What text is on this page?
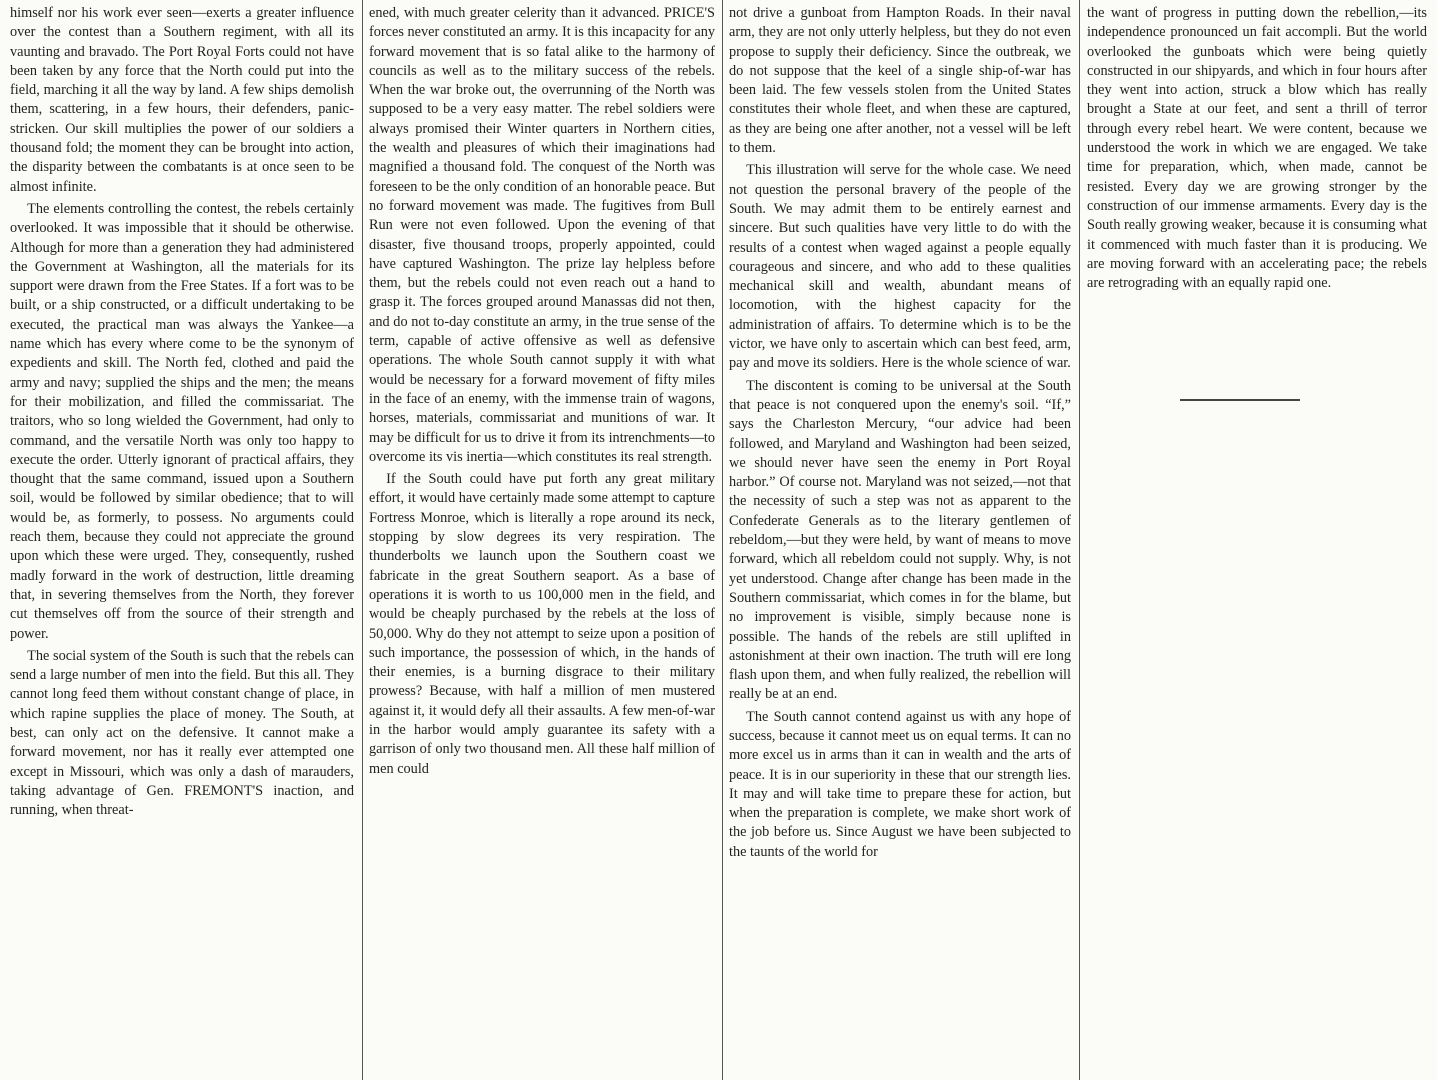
himself nor his work ever seen—exerts a greater influence over the contest than a Southern regiment, with all its vaunting and bravado. The Port Royal Forts could not have been taken by any force that the North could put into the field, marching it all the way by land. A few ships demolish them, scattering, in a few hours, their defenders, panic-stricken. Our skill multiplies the power of our soldiers a thousand fold; the moment they can be brought into action, the disparity between the combatants is at once seen to be almost infinite.

The elements controlling the contest, the rebels certainly overlooked. It was impossible that it should be otherwise. Although for more than a generation they had administered the Government at Washington, all the materials for its support were drawn from the Free States. If a fort was to be built, or a ship constructed, or a difficult undertaking to be executed, the practical man was always the Yankee—a name which has every where come to be the synonym of expedients and skill. The North fed, clothed and paid the army and navy; supplied the ships and the men; the means for their mobilization, and filled the commissariat. The traitors, who so long wielded the Government, had only to command, and the versatile North was only too happy to execute the order. Utterly ignorant of practical affairs, they thought that the same command, issued upon a Southern soil, would be followed by similar obedience; that to will would be, as formerly, to possess. No arguments could reach them, because they could not appreciate the ground upon which these were urged. They, consequently, rushed madly forward in the work of destruction, little dreaming that, in severing themselves from the North, they forever cut themselves off from the source of their strength and power.

The social system of the South is such that the rebels can send a large number of men into the field. But this all. They cannot long feed them without constant change of place, in which rapine supplies the place of money. The South, at best, can only act on the defensive. It cannot make a forward movement, nor has it really ever attempted one except in Missouri, which was only a dash of marauders, taking advantage of Gen. FREMONT'S inaction, and running, when threat-

ened, with much greater celerity than it advanced. PRICE'S forces never constituted an army. It is this incapacity for any forward movement that is so fatal alike to the harmony of councils as well as to the military success of the rebels. When the war broke out, the overrunning of the North was supposed to be a very easy matter. The rebel soldiers were always promised their Winter quarters in Northern cities, the wealth and pleasures of which their imaginations had magnified a thousand fold. The conquest of the North was foreseen to be the only condition of an honorable peace. But no forward movement was made. The fugitives from Bull Run were not even followed. Upon the evening of that disaster, five thousand troops, properly appointed, could have captured Washington. The prize lay helpless before them, but the rebels could not even reach out a hand to grasp it. The forces grouped around Manassas did not then, and do not to-day constitute an army, in the true sense of the term, capable of active offensive as well as defensive operations. The whole South cannot supply it with what would be necessary for a forward movement of fifty miles in the face of an enemy, with the immense train of wagons, horses, materials, commissariat and munitions of war. It may be difficult for us to drive it from its intrenchments—to overcome its vis inertia—which constitutes its real strength.

If the South could have put forth any great military effort, it would have certainly made some attempt to capture Fortress Monroe, which is literally a rope around its neck, stopping by slow degrees its very respiration. The thunderbolts we launch upon the Southern coast we fabricate in the great Southern seaport. As a base of operations it is worth to us 100,000 men in the field, and would be cheaply purchased by the rebels at the loss of 50,000. Why do they not attempt to seize upon a position of such importance, the possession of which, in the hands of their enemies, is a burning disgrace to their military prowess? Because, with half a million of men mustered against it, it would defy all their assaults. A few men-of-war in the harbor would amply guarantee its safety with a garrison of only two thousand men. All these half million of men could

not drive a gunboat from Hampton Roads. In their naval arm, they are not only utterly helpless, but they do not even propose to supply their deficiency. Since the outbreak, we do not suppose that the keel of a single ship-of-war has been laid. The few vessels stolen from the United States constitutes their whole fleet, and when these are captured, as they are being one after another, not a vessel will be left to them.

This illustration will serve for the whole case. We need not question the personal bravery of the people of the South. We may admit them to be entirely earnest and sincere. But such qualities have very little to do with the results of a contest when waged against a people equally courageous and sincere, and who add to these qualities mechanical skill and wealth, abundant means of locomotion, with the highest capacity for the administration of affairs. To determine which is to be the victor, we have only to ascertain which can best feed, arm, pay and move its soldiers. Here is the whole science of war.

The discontent is coming to be universal at the South that peace is not conquered upon the enemy's soil. “If,” says the Charleston Mercury, “our advice had been followed, and Maryland and Washington had been seized, we should never have seen the enemy in Port Royal harbor.” Of course not. Maryland was not seized,—not that the necessity of such a step was not as apparent to the Confederate Generals as to the literary gentlemen of rebeldom,—but they were held, by want of means to move forward, which all rebeldom could not supply. Why, is not yet understood. Change after change has been made in the Southern commissariat, which comes in for the blame, but no improvement is visible, simply because none is possible. The hands of the rebels are still uplifted in astonishment at their own inaction. The truth will ere long flash upon them, and when fully realized, the rebellion will really be at an end.

The South cannot contend against us with any hope of success, because it cannot meet us on equal terms. It can no more excel us in arms than it can in wealth and the arts of peace. It is in our superiority in these that our strength lies. It may and will take time to prepare these for action, but when the preparation is complete, we make short work of the job before us. Since August we have been subjected to the taunts of the world for

the want of progress in putting down the rebellion,—its independence pronounced un fait accompli. But the world overlooked the gunboats which were being quietly constructed in our shipyards, and which in four hours after they went into action, struck a blow which has really brought a State at our feet, and sent a thrill of terror through every rebel heart. We were content, because we understood the work in which we are engaged. We take time for preparation, which, when made, cannot be resisted. Every day we are growing stronger by the construction of our immense armaments. Every day is the South really growing weaker, because it is consuming what it commenced with much faster than it is producing. We are moving forward with an accelerating pace; the rebels are retrograding with an equally rapid one.
